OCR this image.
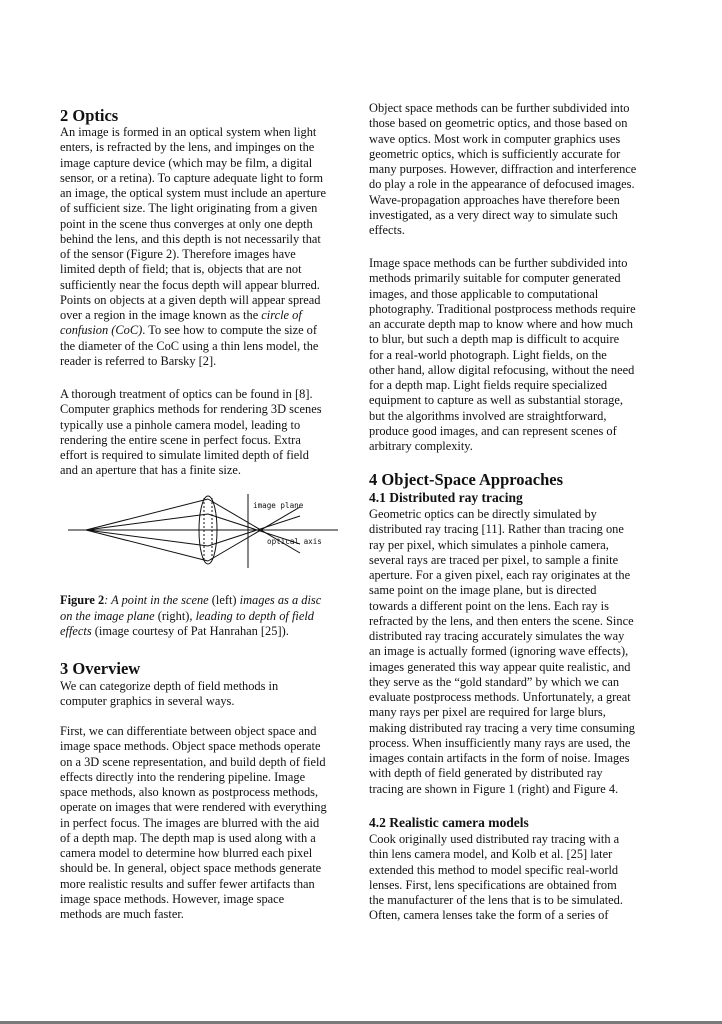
2 Optics
An image is formed in an optical system when light
enters, is refracted by the lens, and impinges on the
image capture device (which may be film, a digital
sensor, or a retina). To capture adequate light to form
an image, the optical system must include an aperture
of sufficient size. The light originating from a given
point in the scene thus converges at only one depth
behind the lens, and this depth is not necessarily that
of the sensor (Figure 2). Therefore images have
limited depth of field; that is, objects that are not
sufficiently near the focus depth will appear blurred.
Points on objects at a given depth will appear spread
over a region in the image known as the circle of
confusion (CoC). To see how to compute the size of
the diameter of the CoC using a thin lens model, the
reader is referred to Barsky [2].
A thorough treatment of optics can be found in [8].
Computer graphics methods for rendering 3D scenes
typically use a pinhole camera model, leading to
rendering the entire scene in perfect focus. Extra
effort is required to simulate limited depth of field
and an aperture that has a finite size.
Figure 2: A point in the scene (left) images as a disc
on the image plane (right), leading to depth of field
effects (image courtesy of Pat Hanrahan [25]).
3 Overview
We can categorize depth of field methods in
computer graphics in several ways.
First, we can differentiate between object space and
image space methods. Object space methods operate
on a 3D scene representation, and build depth of field
effects directly into the rendering pipeline. Image
space methods, also known as postprocess methods,
operate on images that were rendered with everything
in perfect focus. The images are blurred with the aid
of a depth map. The depth map is used along with a
camera model to determine how blurred each pixel
should be. In general, object space methods generate
more realistic results and suffer fewer artifacts than
image space methods. However, image space
methods are much faster.
image plane
optical axis
Object space methods can be further subdivided into
those based on geometric optics, and those based on
wave optics. Most work in computer graphics uses
geometric optics, which is sufficiently accurate for
many purposes. However, diffraction and interference
do play a role in the appearance of defocused images.
Wave-propagation approaches have therefore been
investigated, as a very direct way to simulate such
effects.
Image space methods can be further subdivided into
methods primarily suitable for computer generated
images, and those applicable to computational
photography. Traditional postprocess methods require
an accurate depth map to know where and how much
to blur, but such a depth map is difficult to acquire
for a real-world photograph. Light fields, on the
other hand, allow digital refocusing, without the need
for a depth map. Light fields require specialized
equipment to capture as well as substantial storage,
but the algorithms involved are straightforward,
produce good images, and can represent scenes of
arbitrary complexity.
4 Object-Space Approaches
4.1 Distributed ray tracing
Geometric optics can be directly simulated by
distributed ray tracing [11]. Rather than tracing one
ray per pixel, which simulates a pinhole camera,
several rays are traced per pixel, to sample a finite
aperture. For a given pixel, each ray originates at the
same point on the image plane, but is directed
towards a different point on the lens. Each ray is
refracted by the lens, and then enters the scene. Since
distributed ray tracing accurately simulates the way
an image is actually formed (ignoring wave effects),
images generated this way appear quite realistic, and
they serve as the “gold standard” by which we can
evaluate postprocess methods. Unfortunately, a great
many rays per pixel are required for large blurs,
making distributed ray tracing a very time consuming
process. When insufficiently many rays are used, the
images contain artifacts in the form of noise. Images
with depth of field generated by distributed ray
tracing are shown in Figure 1 (right) and Figure 4.
4.2 Realistic camera models
Cook originally used distributed ray tracing with a
thin lens camera model, and Kolb et al. [25] later
extended this method to model specific real-world
lenses. First, lens specifications are obtained from
the manufacturer of the lens that is to be simulated.
Often, camera lenses take the form of a series of
